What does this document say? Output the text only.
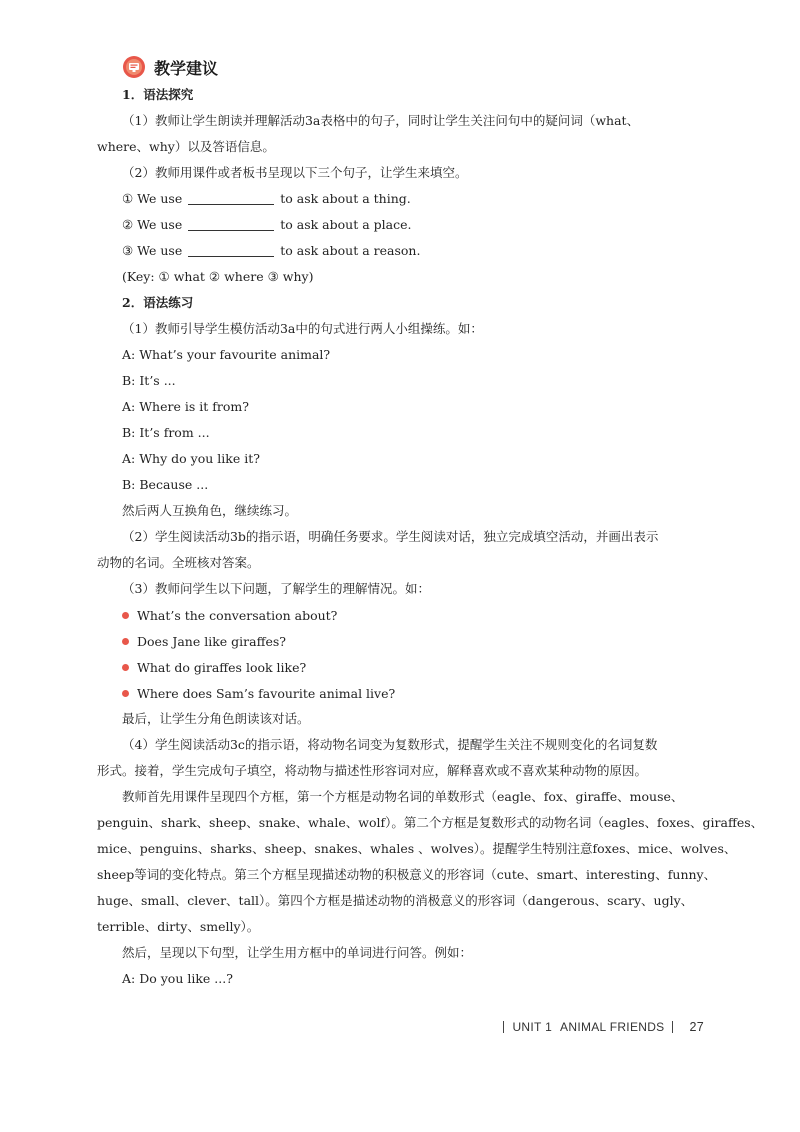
教学建议
1．语法探究
（1）教师让学生朗读并理解活动3a表格中的句子，同时让学生关注问句中的疑问词（what、
where、why）以及答语信息。
（2）教师用课件或者板书呈现以下三个句子，让学生来填空。
① We use	to ask about a thing.
② We use	to ask about a place.
③ We use	to ask about a reason.
(Key: ① what ② where ③ why)
2．语法练习
（1）教师引导学生模仿活动3a中的句式进行两人小组操练。如：
A: What’s your favourite animal?
B: It’s ...
A: Where is it from?
B: It’s from ...
A: Why do you like it?
B: Because ...
然后两人互换角色，继续练习。
（2）学生阅读活动3b的指示语，明确任务要求。学生阅读对话，独立完成填空活动，并画出表示
动物的名词。全班核对答案。
（3）教师问学生以下问题，了解学生的理解情况。如：
What’s the conversation about?
Does Jane like giraffes?
What do giraffes look like?
Where does Sam’s favourite animal live?
最后，让学生分角色朗读该对话。
（4）学生阅读活动3c的指示语，将动物名词变为复数形式，提醒学生关注不规则变化的名词复数
形式。接着，学生完成句子填空，将动物与描述性形容词对应，解释喜欢或不喜欢某种动物的原因。
教师首先用课件呈现四个方框，第一个方框是动物名词的单数形式（eagle、fox、giraffe、mouse、
penguin、shark、sheep、snake、whale、wolf）。第二个方框是复数形式的动物名词（eagles、foxes、giraffes、
mice、penguins、sharks、sheep、snakes、whales 、wolves）。提醒学生特别注意foxes、mice、wolves、
sheep等词的变化特点。第三个方框呈现描述动物的积极意义的形容词（cute、smart、interesting、funny、
huge、small、clever、tall）。第四个方框是描述动物的消极意义的形容词（dangerous、scary、ugly、
terrible、dirty、smelly）。
然后，呈现以下句型，让学生用方框中的单词进行问答。例如：
A: Do you like ...?
UNIT 1 ANIMAL FRIENDS 27
